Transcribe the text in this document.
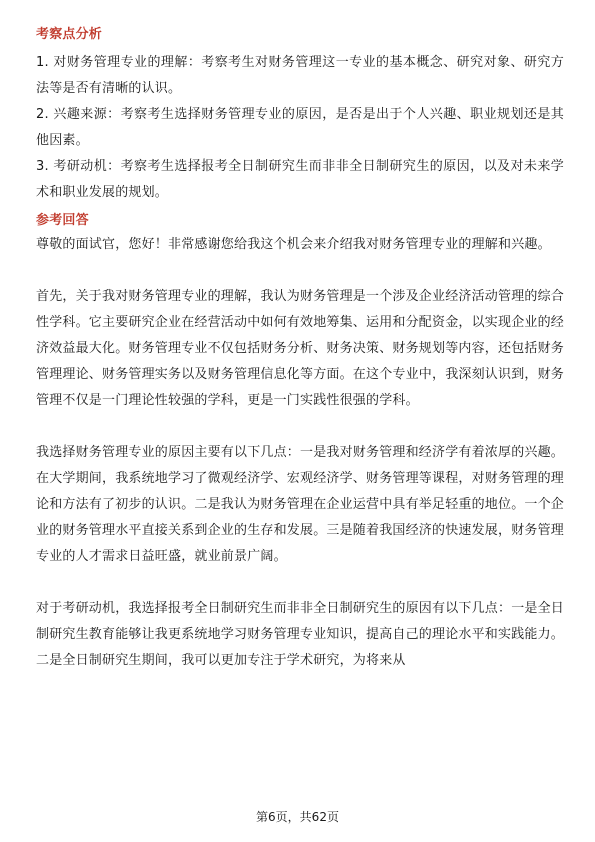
考察点分析

1. 对财务管理专业的理解：考察考生对财务管理这一专业的基本概念、研究对象、研究方法等是否有清晰的认识。

2. 兴趣来源：考察考生选择财务管理专业的原因，是否是出于个人兴趣、职业规划还是其他因素。

3. 考研动机：考察考生选择报考全日制研究生而非非全日制研究生的原因，以及对未来学术和职业发展的规划。

参考回答

尊敬的面试官，您好！非常感谢您给我这个机会来介绍我对财务管理专业的理解和兴趣。

首先，关于我对财务管理专业的理解，我认为财务管理是一个涉及企业经济活动管理的综合性学科。它主要研究企业在经营活动中如何有效地筹集、运用和分配资金，以实现企业的经济效益最大化。财务管理专业不仅包括财务分析、财务决策、财务规划等内容，还包括财务管理理论、财务管理实务以及财务管理信息化等方面。在这个专业中，我深刻认识到，财务管理不仅是一门理论性较强的学科，更是一门实践性很强的学科。

我选择财务管理专业的原因主要有以下几点：一是我对财务管理和经济学有着浓厚的兴趣。在大学期间，我系统地学习了微观经济学、宏观经济学、财务管理等课程，对财务管理的理论和方法有了初步的认识。二是我认为财务管理在企业运营中具有举足轻重的地位。一个企业的财务管理水平直接关系到企业的生存和发展。三是随着我国经济的快速发展，财务管理专业的人才需求日益旺盛，就业前景广阔。

对于考研动机，我选择报考全日制研究生而非非全日制研究生的原因有以下几点：一是全日制研究生教育能够让我更系统地学习财务管理专业知识，提高自己的理论水平和实践能力。二是全日制研究生期间，我可以更加专注于学术研究，为将来从

第6页，共62页
